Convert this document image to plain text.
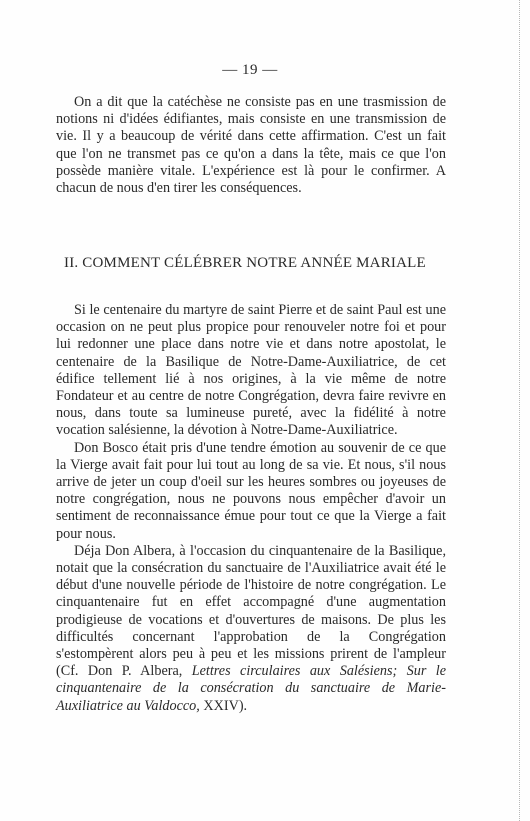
— 19 —

On a dit que la catéchèse ne consiste pas en une trasmission de notions ni d'idées édifiantes, mais consiste en une transmission de vie. Il y a beaucoup de vérité dans cette affirmation. C'est un fait que l'on ne transmet pas ce qu'on a dans la tête, mais ce que l'on possède manière vitale. L'expérience est là pour le confirmer. A chacun de nous d'en tirer les conséquences.

II. COMMENT CÉLÉBRER NOTRE ANNÉE MARIALE

Si le centenaire du martyre de saint Pierre et de saint Paul est une occasion on ne peut plus propice pour renouveler notre foi et pour lui redonner une place dans notre vie et dans notre apostolat, le centenaire de la Basilique de Notre-Dame-Auxiliatrice, de cet édifice tellement lié à nos origines, à la vie même de notre Fondateur et au centre de notre Congrégation, devra faire revivre en nous, dans toute sa lumineuse pureté, avec la fidélité à notre vocation salésienne, la dévotion à Notre-Dame-Auxiliatrice.

Don Bosco était pris d'une tendre émotion au souvenir de ce que la Vierge avait fait pour lui tout au long de sa vie. Et nous, s'il nous arrive de jeter un coup d'oeil sur les heures sombres ou joyeuses de notre congrégation, nous ne pouvons nous empêcher d'avoir un sentiment de reconnaissance émue pour tout ce que la Vierge a fait pour nous.

Déja Don Albera, à l'occasion du cinquantenaire de la Basilique, notait que la consécration du sanctuaire de l'Auxiliatrice avait été le début d'une nouvelle période de l'histoire de notre congrégation. Le cinquantenaire fut en effet accompagné d'une augmentation prodigieuse de vocations et d'ouvertures de maisons. De plus les difficultés concernant l'approbation de la Congrégation s'estompèrent alors peu à peu et les missions prirent de l'ampleur (Cf. Don P. Albera, Lettres circulaires aux Salésiens; Sur le cinquantenaire de la consécration du sanctuaire de Marie-Auxiliatrice au Valdocco, XXIV).
